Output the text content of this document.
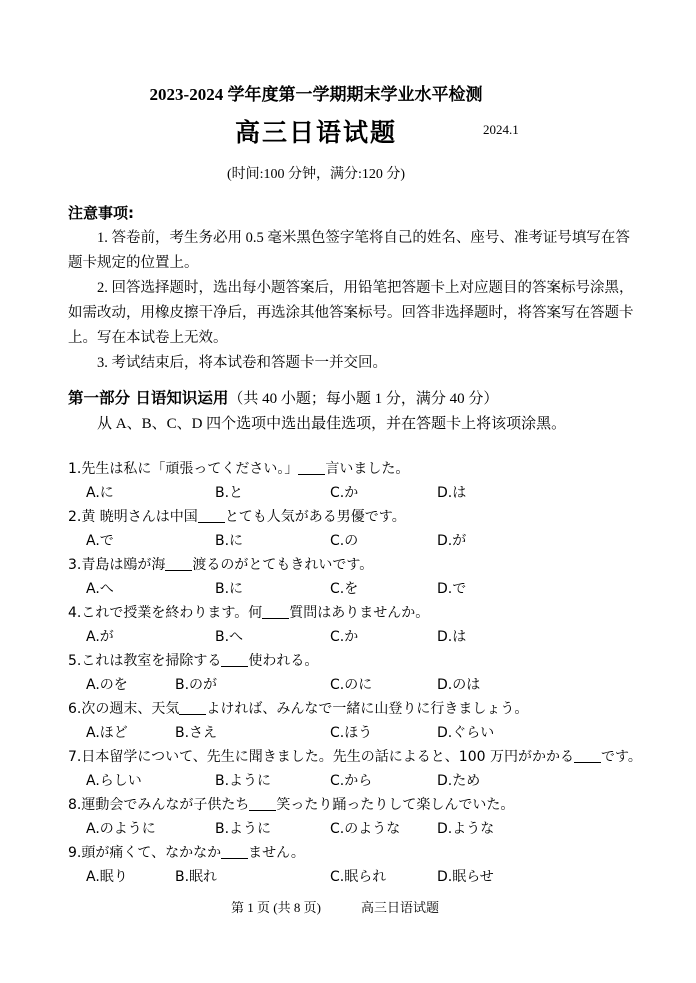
2023-2024 学年度第一学期期末学业水平检测
高三日语试题	2024.1
(时间:100 分钟，满分:120 分)
注意事项:
1. 答卷前，考生务必用 0.5 毫米黑色签字笔将自己的姓名、座号、准考证号填写在答
题卡规定的位置上。
2. 回答选择题时，选出每小题答案后，用铅笔把答题卡上对应题目的答案标号涂黑，
如需改动，用橡皮擦干净后，再选涂其他答案标号。回答非选择题时，将答案写在答题卡
上。写在本试卷上无效。
3. 考试结束后，将本试卷和答题卡一并交回。
第一部分 日语知识运用（共 40 小题；每小题 1 分，满分 40 分）
从 A、B、C、D 四个选项中选出最佳选项，并在答题卡上将该项涂黑。
1.先生は私に「頑張ってください。」 言いました。
A.に	B.と	C.か	D.は
2.黄 暁明さんは中国 とても人気がある男優です。
A.で	B.に	C.の	D.が
3.青島は鴎が海 渡るのがとてもきれいです。
A.へ	B.に	C.を	D.で
4.これで授業を終わります。何 質問はありませんか。
A.が	B.へ	C.か	D.は
5.これは教室を掃除する 使われる。
A.のを	B.のが	C.のに	D.のは
6.次の週末、天気 よければ、みんなで一緒に山登りに行きましょう。
A.ほど	B.さえ	C.ほう	D.ぐらい
7.日本留学について、先生に聞きました。先生の話によると、100 万円がかかる です。
A.らしい	B.ように	C.から	D.ため
8.運動会でみんなが子供たち 笑ったり踊ったりして楽しんでいた。
A.のように	B.ように	C.のような	D.ような
9.頭が痛くて、なかなか ません。
A.眠り	B.眠れ	C.眠られ	D.眠らせ
第 1 页 (共 8 页)	高三日语试题
